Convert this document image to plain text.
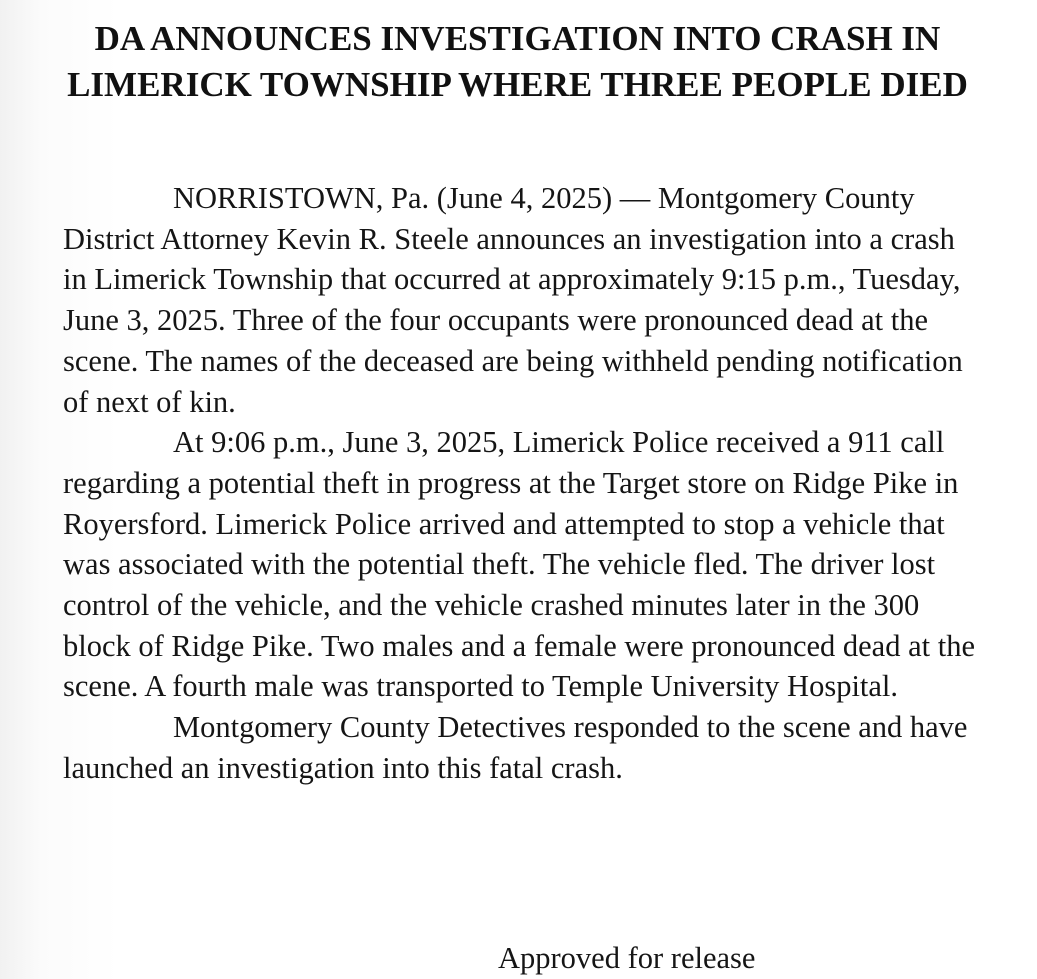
DA ANNOUNCES INVESTIGATION INTO CRASH IN LIMERICK TOWNSHIP WHERE THREE PEOPLE DIED

NORRISTOWN, Pa. (June 4, 2025) — Montgomery County District Attorney Kevin R. Steele announces an investigation into a crash in Limerick Township that occurred at approximately 9:15 p.m., Tuesday, June 3, 2025. Three of the four occupants were pronounced dead at the scene. The names of the deceased are being withheld pending notification of next of kin.

At 9:06 p.m., June 3, 2025, Limerick Police received a 911 call regarding a potential theft in progress at the Target store on Ridge Pike in Royersford. Limerick Police arrived and attempted to stop a vehicle that was associated with the potential theft. The vehicle fled. The driver lost control of the vehicle, and the vehicle crashed minutes later in the 300 block of Ridge Pike. Two males and a female were pronounced dead at the scene. A fourth male was transported to Temple University Hospital.

Montgomery County Detectives responded to the scene and have launched an investigation into this fatal crash.

Approved for release
